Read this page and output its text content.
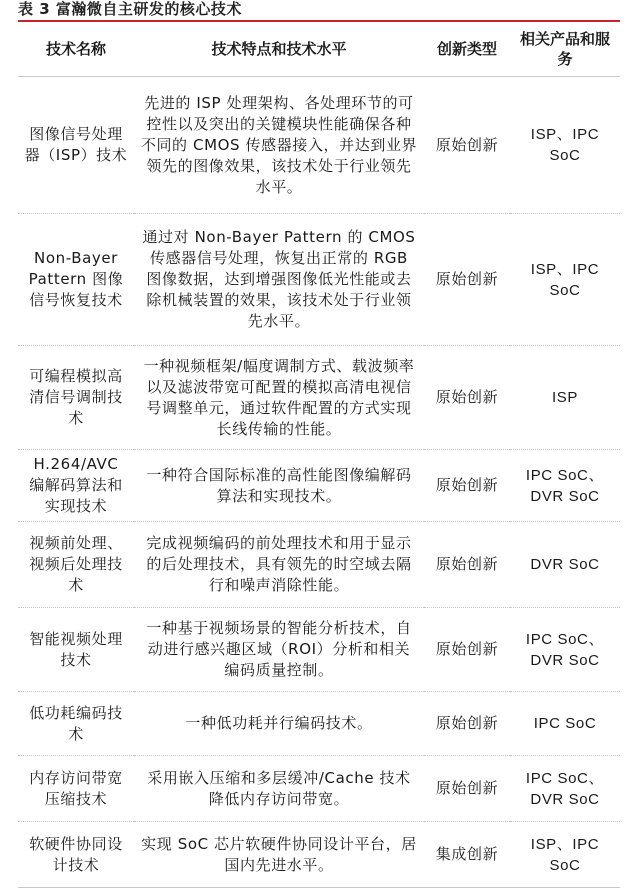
表 3 富瀚微自主研发的核心技术
技术名称	技术特点和技术水平	创新类型	相关产品和服务
图像信号处理器（ISP）技术	先进的 ISP 处理架构、各处理环节的可控性以及突出的关键模块性能确保各种不同的 CMOS 传感器接入，并达到业界领先的图像效果，该技术处于行业领先水平。	原始创新	ISP、IPC SoC
Non-Bayer Pattern 图像信号恢复技术	通过对 Non-Bayer Pattern 的 CMOS 传感器信号处理，恢复出正常的 RGB 图像数据，达到增强图像低光性能或去除机械装置的效果，该技术处于行业领先水平。	原始创新	ISP、IPC SoC
可编程模拟高清信号调制技术	一种视频框架/幅度调制方式、载波频率以及滤波带宽可配置的模拟高清电视信号调整单元，通过软件配置的方式实现长线传输的性能。	原始创新	ISP
H.264/AVC 编解码算法和实现技术	一种符合国际标准的高性能图像编解码算法和实现技术。	原始创新	IPC SoC、DVR SoC
视频前处理、视频后处理技术	完成视频编码的前处理技术和用于显示的后处理技术，具有领先的时空域去隔行和噪声消除性能。	原始创新	DVR SoC
智能视频处理技术	一种基于视频场景的智能分析技术，自动进行感兴趣区域（ROI）分析和相关编码质量控制。	原始创新	IPC SoC、DVR SoC
低功耗编码技术	一种低功耗并行编码技术。	原始创新	IPC SoC
内存访问带宽压缩技术	采用嵌入压缩和多层缓冲/Cache 技术降低内存访问带宽。	原始创新	IPC SoC、DVR SoC
软硬件协同设计技术	实现 SoC 芯片软硬件协同设计平台，居国内先进水平。	集成创新	ISP、IPC SoC
